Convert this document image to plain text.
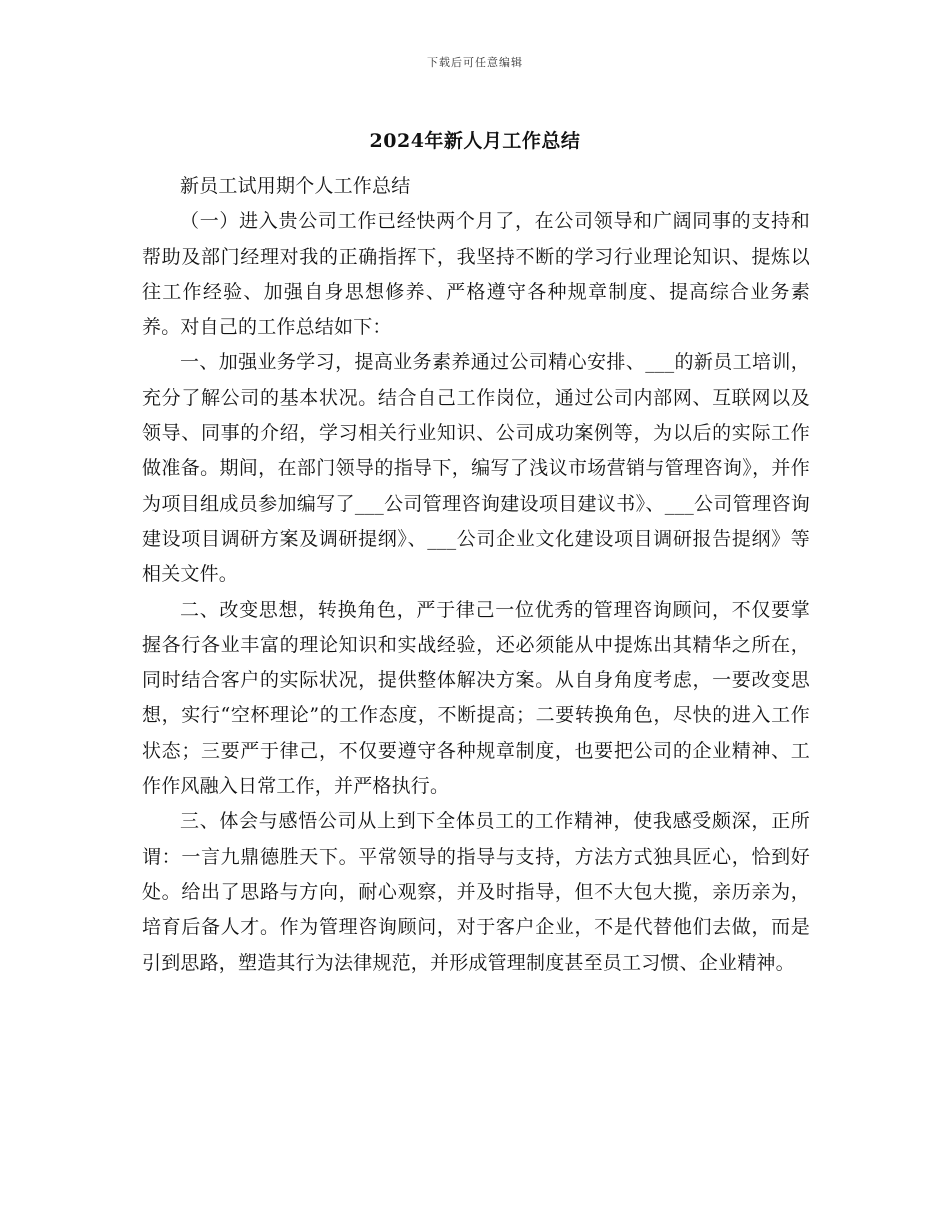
下载后可任意编辑
2024年新人月工作总结

新员工试用期个人工作总结

（一）进入贵公司工作已经快两个月了，在公司领导和广阔同事的支持和帮助及部门经理对我的正确指挥下，我坚持不断的学习行业理论知识、提炼以往工作经验、加强自身思想修养、严格遵守各种规章制度、提高综合业务素养。对自己的工作总结如下：

一、加强业务学习，提高业务素养通过公司精心安排、___的新员工培训，充分了解公司的基本状况。结合自己工作岗位，通过公司内部网、互联网以及领导、同事的介绍，学习相关行业知识、公司成功案例等，为以后的实际工作做准备。期间，在部门领导的指导下，编写了浅议市场营销与管理咨询》，并作为项目组成员参加编写了___公司管理咨询建设项目建议书》、___公司管理咨询建设项目调研方案及调研提纲》、___公司企业文化建设项目调研报告提纲》等相关文件。

二、改变思想，转换角色，严于律己一位优秀的管理咨询顾问，不仅要掌握各行各业丰富的理论知识和实战经验，还必须能从中提炼出其精华之所在，同时结合客户的实际状况，提供整体解决方案。从自身角度考虑，一要改变思想，实行“空杯理论”的工作态度，不断提高；二要转换角色，尽快的进入工作状态；三要严于律己，不仅要遵守各种规章制度，也要把公司的企业精神、工作作风融入日常工作，并严格执行。

三、体会与感悟公司从上到下全体员工的工作精神，使我感受颇深，正所谓：一言九鼎德胜天下。平常领导的指导与支持，方法方式独具匠心，恰到好处。给出了思路与方向，耐心观察，并及时指导，但不大包大揽，亲历亲为，培育后备人才。作为管理咨询顾问，对于客户企业，不是代替他们去做，而是引到思路，塑造其行为法律规范，并形成管理制度甚至员工习惯、企业精神。
